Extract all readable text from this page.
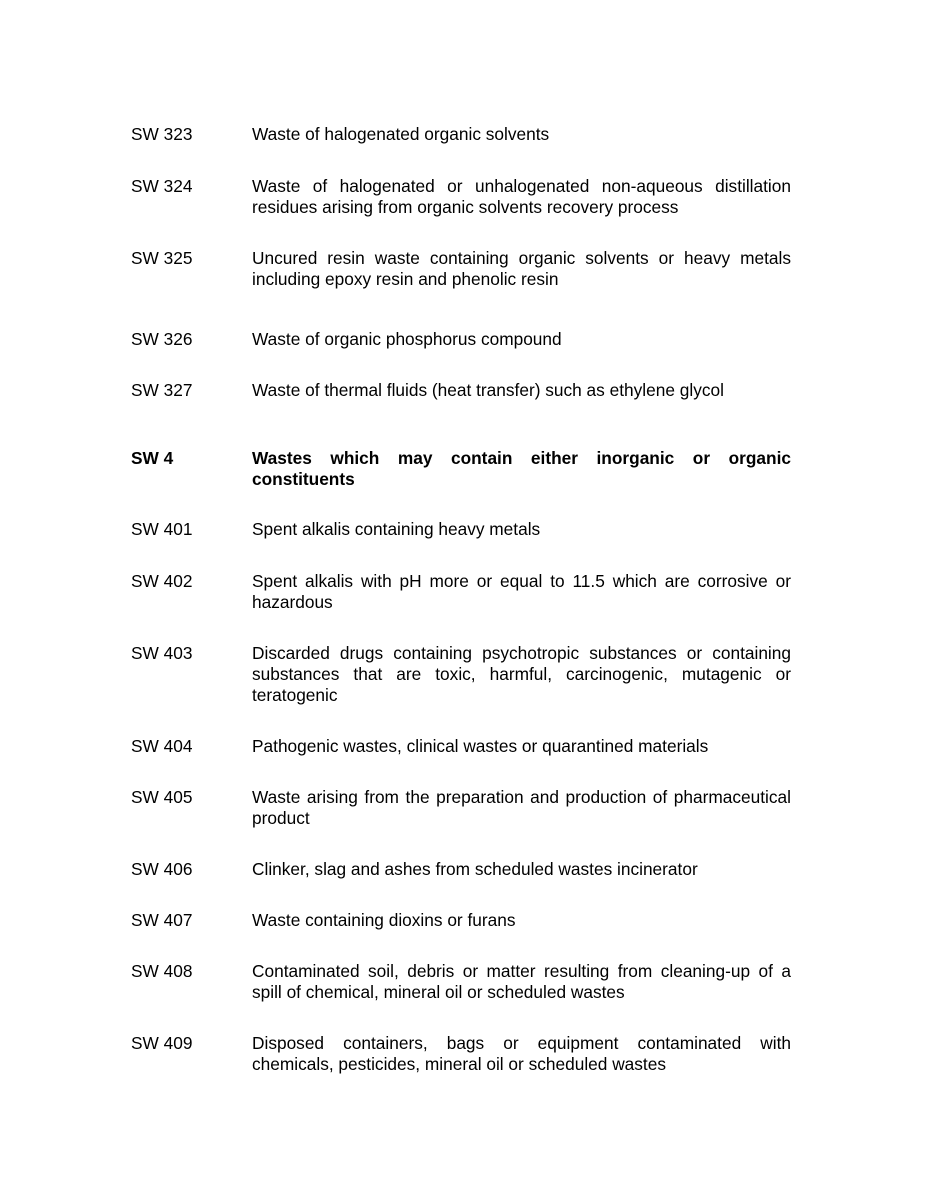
SW 323	Waste of halogenated organic solvents
SW 324	Waste of halogenated or unhalogenated non-aqueous distillation residues arising from organic solvents recovery process
SW 325	Uncured resin waste containing organic solvents or heavy metals including epoxy resin and phenolic resin
SW 326	Waste of organic phosphorus compound
SW 327	Waste of thermal fluids (heat transfer) such as ethylene glycol
SW 4	Wastes which may contain either inorganic or organic constituents
SW 401	Spent alkalis containing heavy metals
SW 402	Spent alkalis with pH more or equal to 11.5 which are corrosive or hazardous
SW 403	Discarded drugs containing psychotropic substances or containing substances that are toxic, harmful, carcinogenic, mutagenic or teratogenic
SW 404	Pathogenic wastes, clinical wastes or quarantined materials
SW 405	Waste arising from the preparation and production of pharmaceutical product
SW 406	Clinker, slag and ashes from scheduled wastes incinerator
SW 407	Waste containing dioxins or furans
SW 408	Contaminated soil, debris or matter resulting from cleaning-up of a spill of chemical, mineral oil or scheduled wastes
SW 409	Disposed containers, bags or equipment contaminated with chemicals, pesticides, mineral oil or scheduled wastes
